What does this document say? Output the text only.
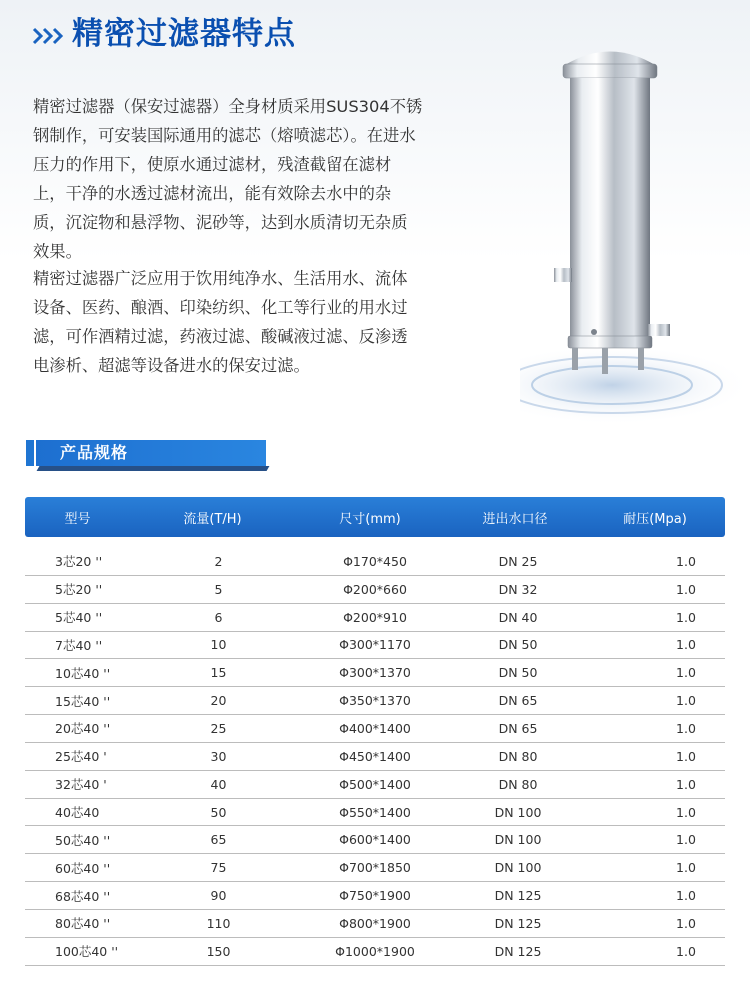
精密过滤器特点

精密过滤器（保安过滤器）全身材质采用SUS304不锈钢制作，可安装国际通用的滤芯（熔喷滤芯）。在进水压力的作用下，使原水通过滤材，残渣截留在滤材上，干净的水透过滤材流出，能有效除去水中的杂质，沉淀物和悬浮物、泥砂等，达到水质清切无杂质效果。

精密过滤器广泛应用于饮用纯净水、生活用水、流体设备、医药、酿酒、印染纺织、化工等行业的用水过滤，可作酒精过滤，药液过滤、酸碱液过滤、反渗透电渗析、超滤等设备进水的保安过滤。

产品规格
型号	流量(T/H)	尺寸(mm)	进出水口径	耐压(Mpa)
3芯20 ''	2	Φ170*450	DN 25	1.0
5芯20 ''	5	Φ200*660	DN 32	1.0
5芯40 ''	6	Φ200*910	DN 40	1.0
7芯40 ''	10	Φ300*1170	DN 50	1.0
10芯40 ''	15	Φ300*1370	DN 50	1.0
15芯40 ''	20	Φ350*1370	DN 65	1.0
20芯40 ''	25	Φ400*1400	DN 65	1.0
25芯40 '	30	Φ450*1400	DN 80	1.0
32芯40 '	40	Φ500*1400	DN 80	1.0
40芯40	50	Φ550*1400	DN 100	1.0
50芯40 ''	65	Φ600*1400	DN 100	1.0
60芯40 ''	75	Φ700*1850	DN 100	1.0
68芯40 ''	90	Φ750*1900	DN 125	1.0
80芯40 ''	110	Φ800*1900	DN 125	1.0
100芯40 ''	150	Φ1000*1900	DN 125	1.0
